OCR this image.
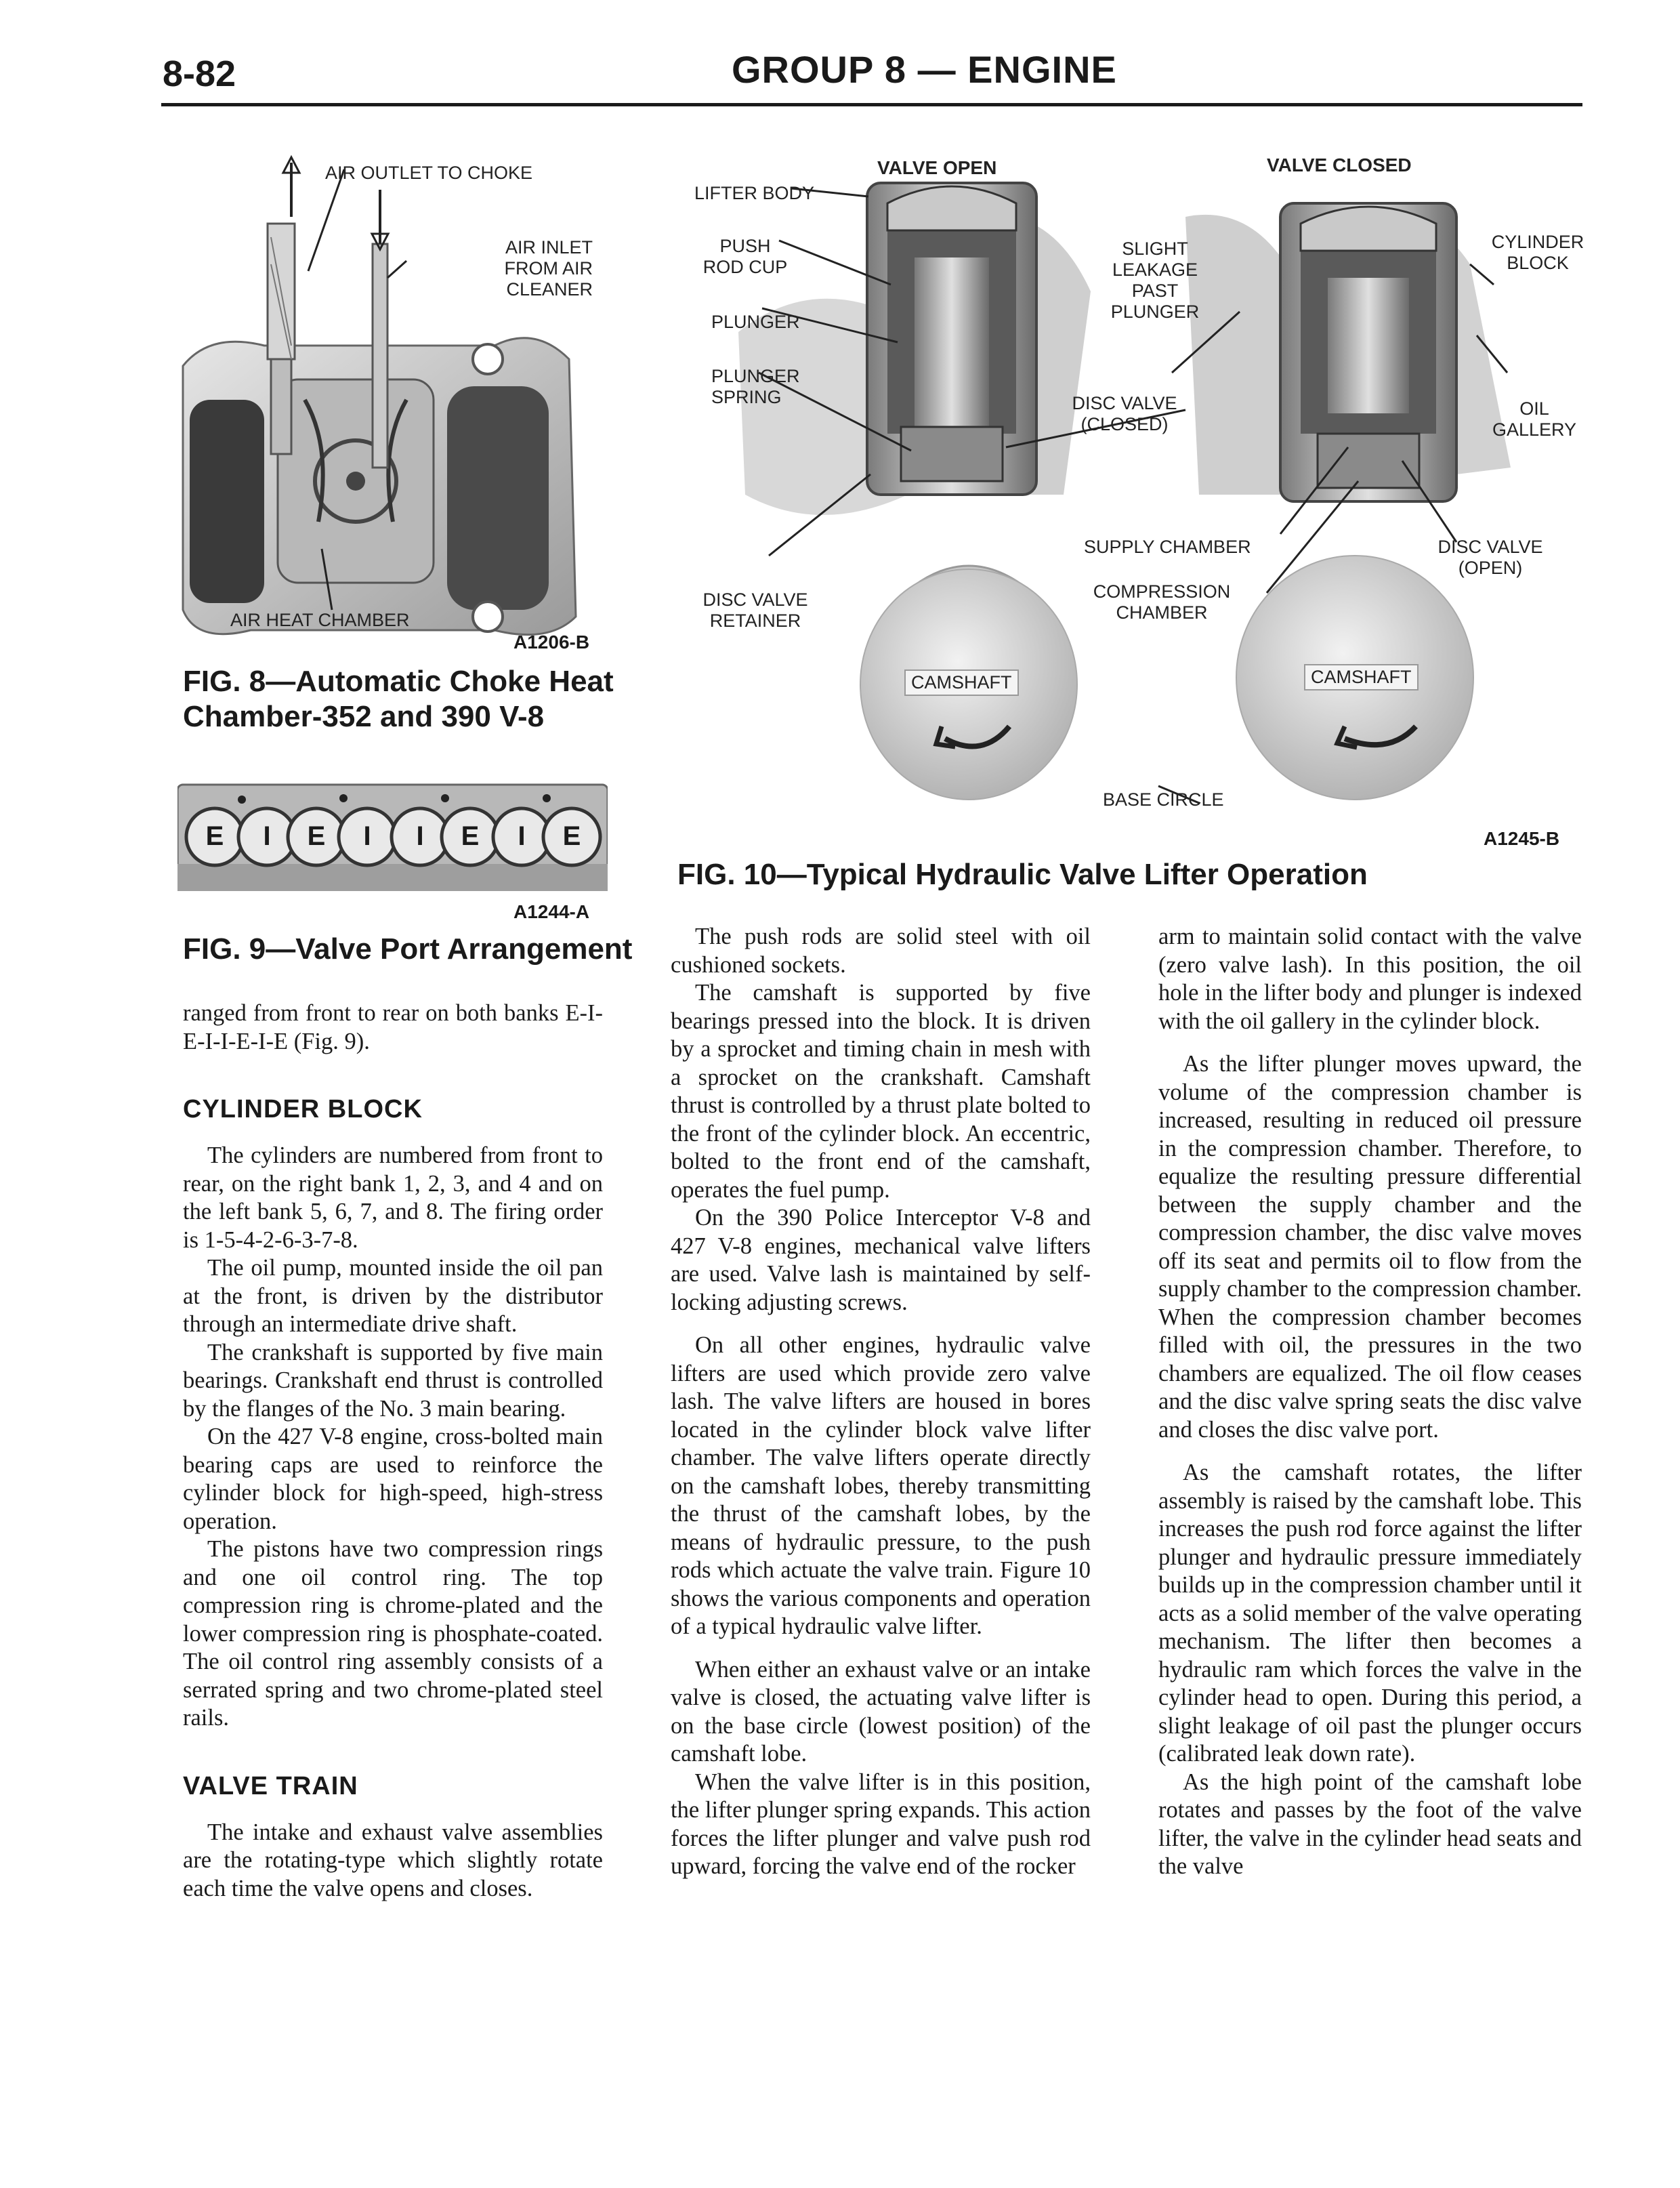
8-82	GROUP 8 — ENGINE
AIR OUTLET TO CHOKE
AIR INLET FROM AIR CLEANER
AIR HEAT CHAMBER
A1206-B
FIG. 8—Automatic Choke Heat Chamber-352 and 390 V-8
E	I	E	I	I	E	I	E
A1244-A
FIG. 9—Valve Port Arrangement
VALVE OPEN	VALVE CLOSED
LIFTER BODY
PUSH ROD CUP
PLUNGER
PLUNGER SPRING
DISC VALVE RETAINER
SLIGHT LEAKAGE PAST PLUNGER
DISC VALVE (CLOSED)
SUPPLY CHAMBER
COMPRESSION CHAMBER
CYLINDER BLOCK
OIL GALLERY
DISC VALVE (OPEN)
CAMSHAFT	CAMSHAFT
BASE CIRCLE
A1245-B
FIG. 10—Typical Hydraulic Valve Lifter Operation

ranged from front to rear on both banks E-I-E-I-I-E-I-E (Fig. 9).

CYLINDER BLOCK

The cylinders are numbered from front to rear, on the right bank 1, 2, 3, and 4 and on the left bank 5, 6, 7, and 8. The firing order is 1-5-4-2-6-3-7-8.

The oil pump, mounted inside the oil pan at the front, is driven by the distributor through an intermediate drive shaft.

The crankshaft is supported by five main bearings. Crankshaft end thrust is controlled by the flanges of the No. 3 main bearing.

On the 427 V-8 engine, cross-bolted main bearing caps are used to reinforce the cylinder block for high-speed, high-stress operation.

The pistons have two compression rings and one oil control ring. The top compression ring is chrome-plated and the lower compression ring is phosphate-coated. The oil control ring assembly consists of a serrated spring and two chrome-plated steel rails.

VALVE TRAIN

The intake and exhaust valve assemblies are the rotating-type which slightly rotate each time the valve opens and closes.

The push rods are solid steel with oil cushioned sockets.

The camshaft is supported by five bearings pressed into the block. It is driven by a sprocket and timing chain in mesh with a sprocket on the crankshaft. Camshaft thrust is controlled by a thrust plate bolted to the front of the cylinder block. An eccentric, bolted to the front end of the camshaft, operates the fuel pump.

On the 390 Police Interceptor V-8 and 427 V-8 engines, mechanical valve lifters are used. Valve lash is maintained by self-locking adjusting screws.

On all other engines, hydraulic valve lifters are used which provide zero valve lash. The valve lifters are housed in bores located in the cylinder block valve lifter chamber. The valve lifters operate directly on the camshaft lobes, thereby transmitting the thrust of the camshaft lobes, by the means of hydraulic pressure, to the push rods which actuate the valve train. Figure 10 shows the various components and operation of a typical hydraulic valve lifter.

When either an exhaust valve or an intake valve is closed, the actuating valve lifter is on the base circle (lowest position) of the camshaft lobe.

When the valve lifter is in this position, the lifter plunger spring expands. This action forces the lifter plunger and valve push rod upward, forcing the valve end of the rocker

arm to maintain solid contact with the valve (zero valve lash). In this position, the oil hole in the lifter body and plunger is indexed with the oil gallery in the cylinder block.

As the lifter plunger moves upward, the volume of the compression chamber is increased, resulting in reduced oil pressure in the compression chamber. Therefore, to equalize the resulting pressure differential between the supply chamber and the compression chamber, the disc valve moves off its seat and permits oil to flow from the supply chamber to the compression chamber. When the compression chamber becomes filled with oil, the pressures in the two chambers are equalized. The oil flow ceases and the disc valve spring seats the disc valve and closes the disc valve port.

As the camshaft rotates, the lifter assembly is raised by the camshaft lobe. This increases the push rod force against the lifter plunger and hydraulic pressure immediately builds up in the compression chamber until it acts as a solid member of the valve operating mechanism. The lifter then becomes a hydraulic ram which forces the valve in the cylinder head to open. During this period, a slight leakage of oil past the plunger occurs (calibrated leak down rate).

As the high point of the camshaft lobe rotates and passes by the foot of the valve lifter, the valve in the cylinder head seats and the valve
